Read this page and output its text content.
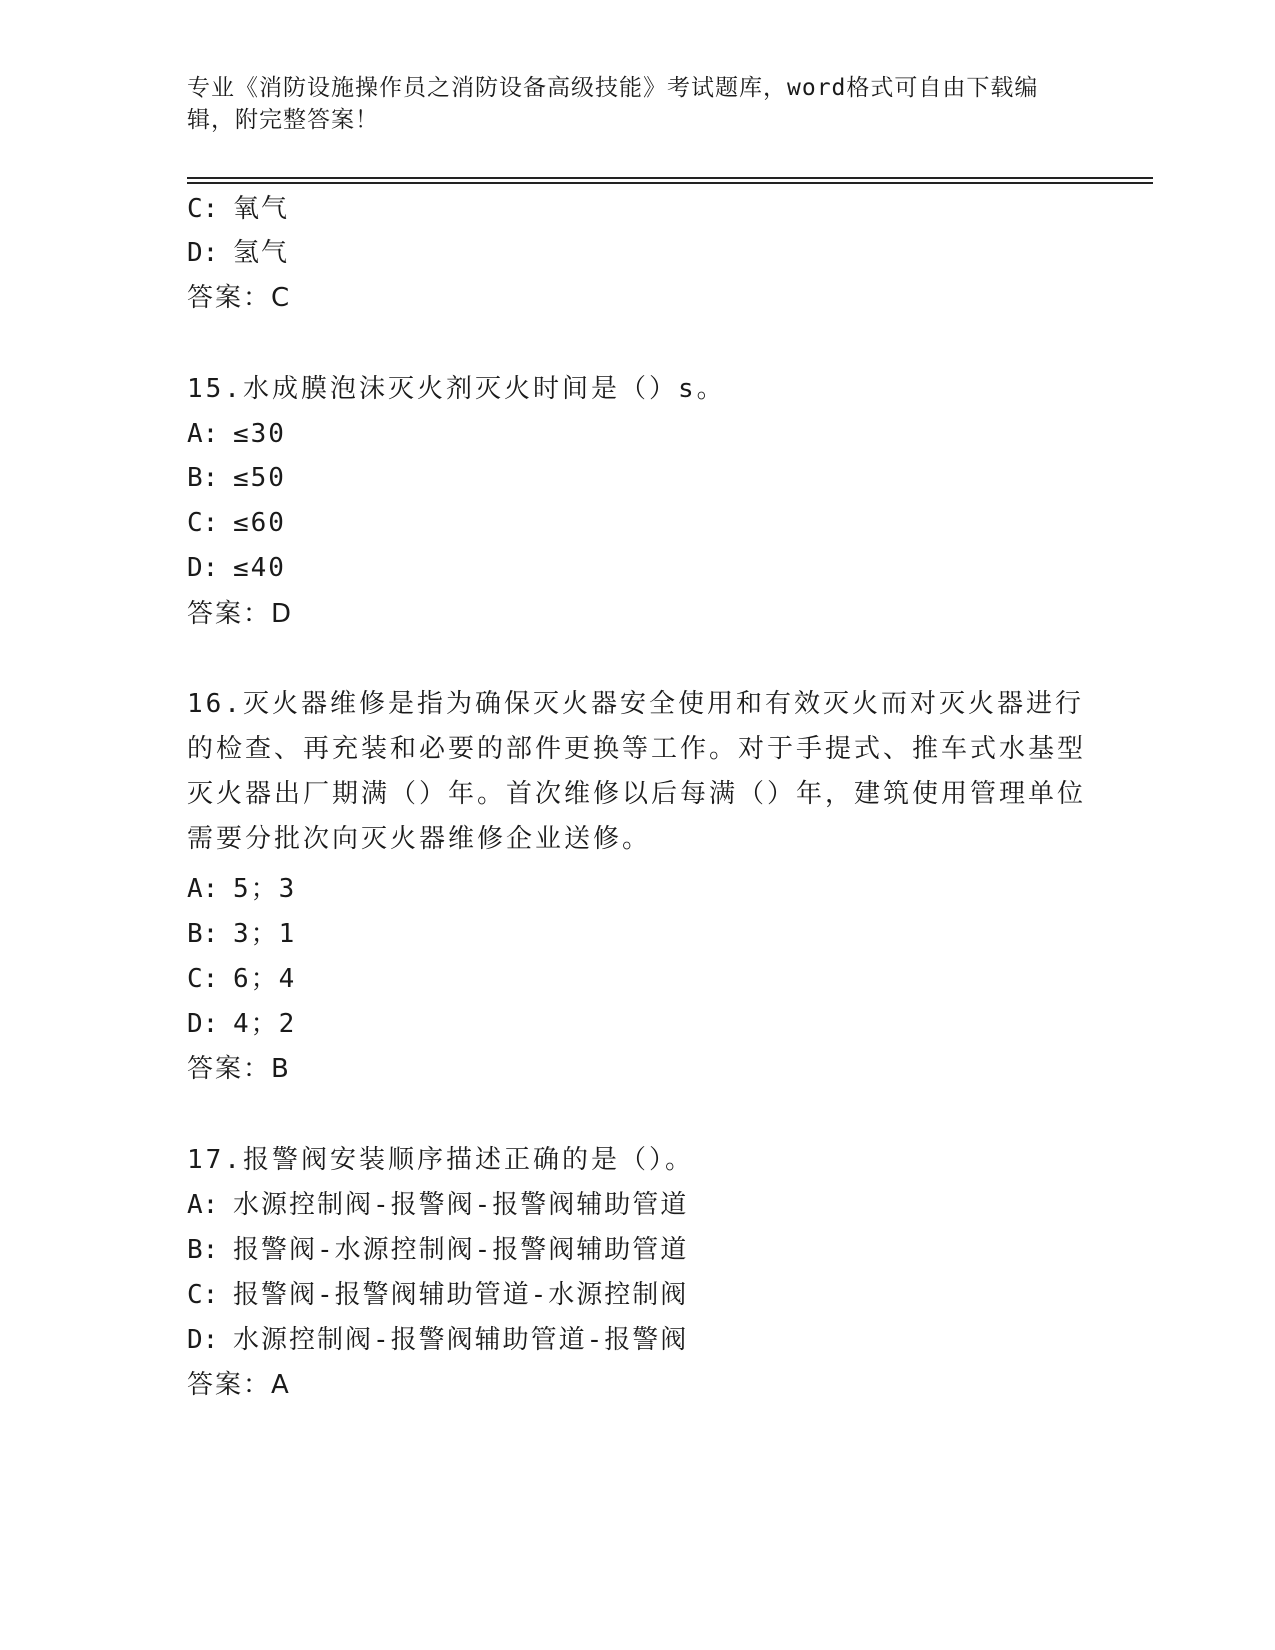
专业《消防设施操作员之消防设备高级技能》考试题库，word格式可自由下载编辑，附完整答案！
C: 氧气
D: 氢气
答案：C
15.水成膜泡沫灭火剂灭火时间是（）s。
A: ≤30
B: ≤50
C: ≤60
D: ≤40
答案：D
16.灭火器维修是指为确保灭火器安全使用和有效灭火而对灭火器进行的检查、再充装和必要的部件更换等工作。对于手提式、推车式水基型灭火器出厂期满（）年。首次维修以后每满（）年，建筑使用管理单位需要分批次向灭火器维修企业送修。
A: 5；3
B: 3；1
C: 6；4
D: 4；2
答案：B
17.报警阀安装顺序描述正确的是（）。
A: 水源控制阀-报警阀-报警阀辅助管道
B: 报警阀-水源控制阀-报警阀辅助管道
C: 报警阀-报警阀辅助管道-水源控制阀
D: 水源控制阀-报警阀辅助管道-报警阀
答案：A
